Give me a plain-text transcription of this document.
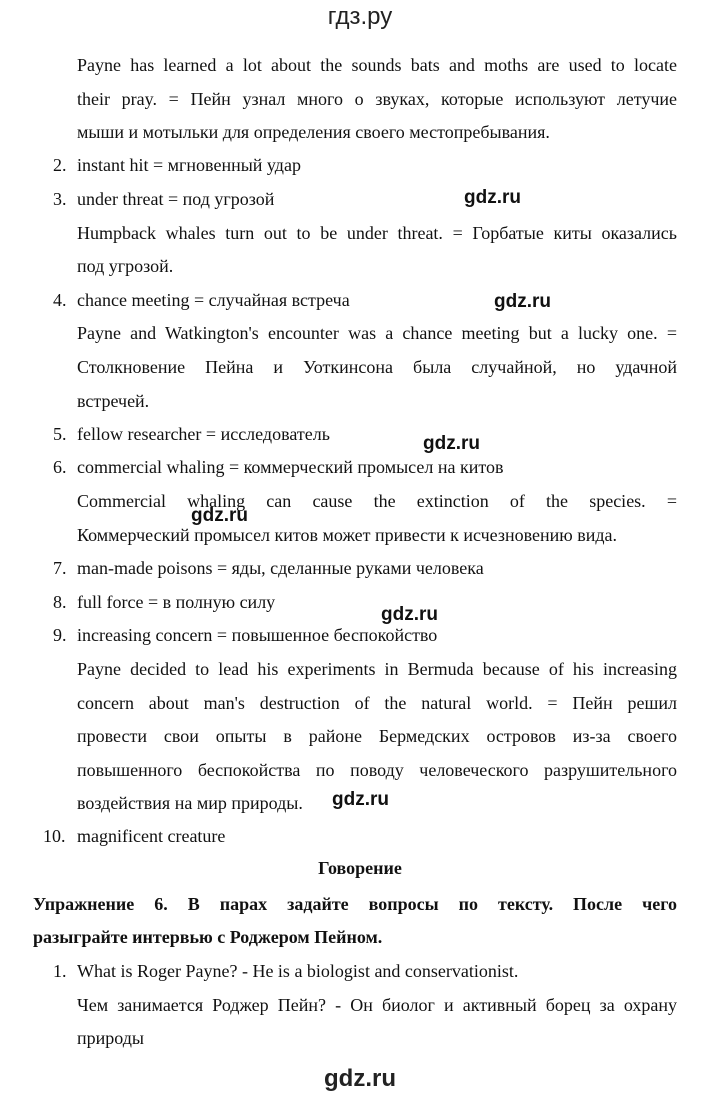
гдз.ру
Payne has learned a lot about the sounds bats and moths are used to locate
their pray. = Пейн узнал много о звуках, которые используют летучие
мыши и мотыльки для определения своего местопребывания.
2. instant hit = мгновенный удар
3. under threat = под угрозой	gdz.ru
Humpback whales turn out to be under threat. = Горбатые киты оказались
под угрозой.
4. chance meeting = случайная встреча	gdz.ru
Payne and Watkington's encounter was a chance meeting but a lucky one. =
Столкновение Пейна и Уоткинсона была случайной, но удачной
встречей.
5. fellow researcher = исследователь	gdz.ru
6. commercial whaling = коммерческий промысел на китов
Commercial whaling can cause the extinction of the species. =
gdz.ru
Коммерческий промысел китов может привести к исчезновению вида.
7. man-made poisons = яды, сделанные руками человека
8. full force = в полную силу
gdz.ru
9. increasing concern = повышенное беспокойство
Payne decided to lead his experiments in Bermuda because of his increasing
concern about man's destruction of the natural world. = Пейн решил
провести свои опыты в районе Бермедских островов из-за своего
повышенного беспокойства по поводу человеческого разрушительного
воздействия на мир природы.	gdz.ru
10. magnificent creature
Говорение
Упражнение 6. В парах задайте вопросы по тексту. После чего
разыграйте интервью с Роджером Пейном.
1. What is Roger Payne? - He is a biologist and conservationist.
Чем занимается Роджер Пейн? - Он биолог и активный борец за охрану
природы
gdz.ru
